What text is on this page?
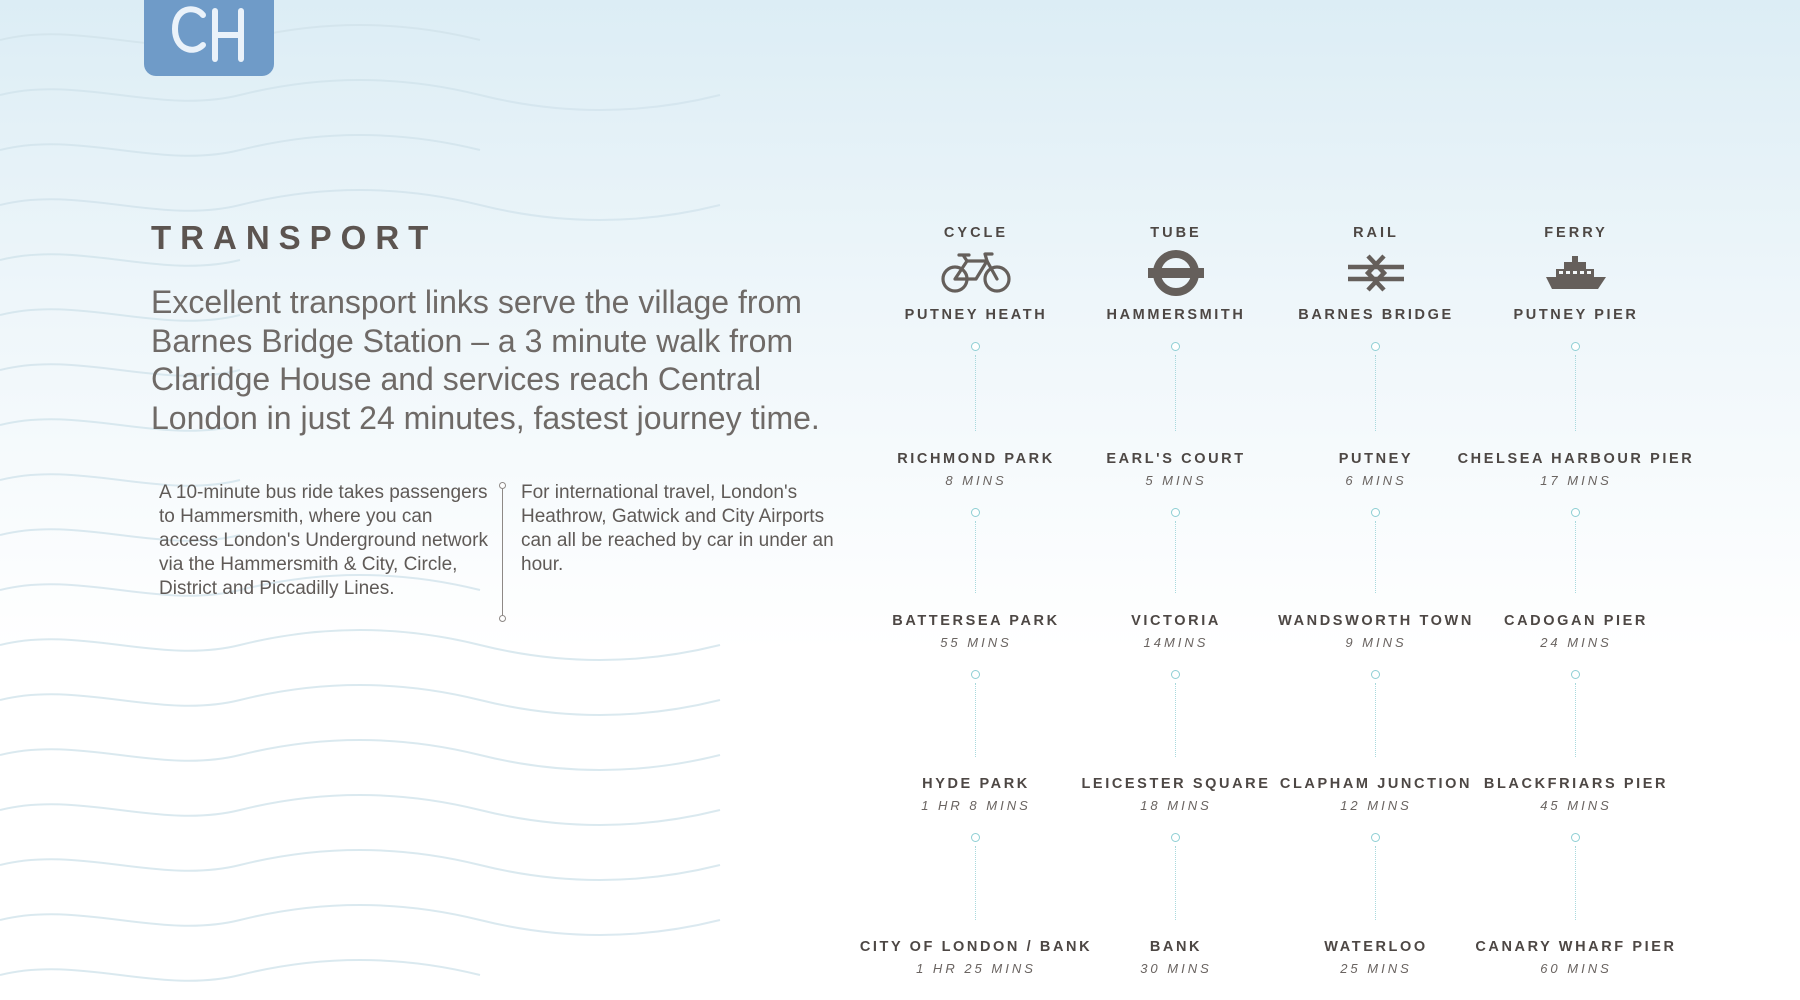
TRANSPORT

Excellent transport links serve the village from Barnes Bridge Station – a 3 minute walk from Claridge House and services reach Central London in just 24 minutes, fastest journey time.

A 10-minute bus ride takes passengers to Hammersmith, where you can access London's Underground network via the Hammersmith & City, Circle, District and Piccadilly Lines.

For international travel, London's Heathrow, Gatwick and City Airports can all be reached by car in under an hour.

CYCLE
PUTNEY HEATH
RICHMOND PARK
8 MINS
BATTERSEA PARK
55 MINS
HYDE PARK
1 HR 8 MINS
CITY OF LONDON / BANK
1 HR 25 MINS
TUBE
HAMMERSMITH
EARL'S COURT
5 MINS
VICTORIA
14MINS
LEICESTER SQUARE
18 MINS
BANK
30 MINS
RAIL
BARNES BRIDGE
PUTNEY
6 MINS
WANDSWORTH TOWN
9 MINS
CLAPHAM JUNCTION
12 MINS
WATERLOO
25 MINS
FERRY
PUTNEY PIER
CHELSEA HARBOUR PIER
17 MINS
CADOGAN PIER
24 MINS
BLACKFRIARS PIER
45 MINS
CANARY WHARF PIER
60 MINS
